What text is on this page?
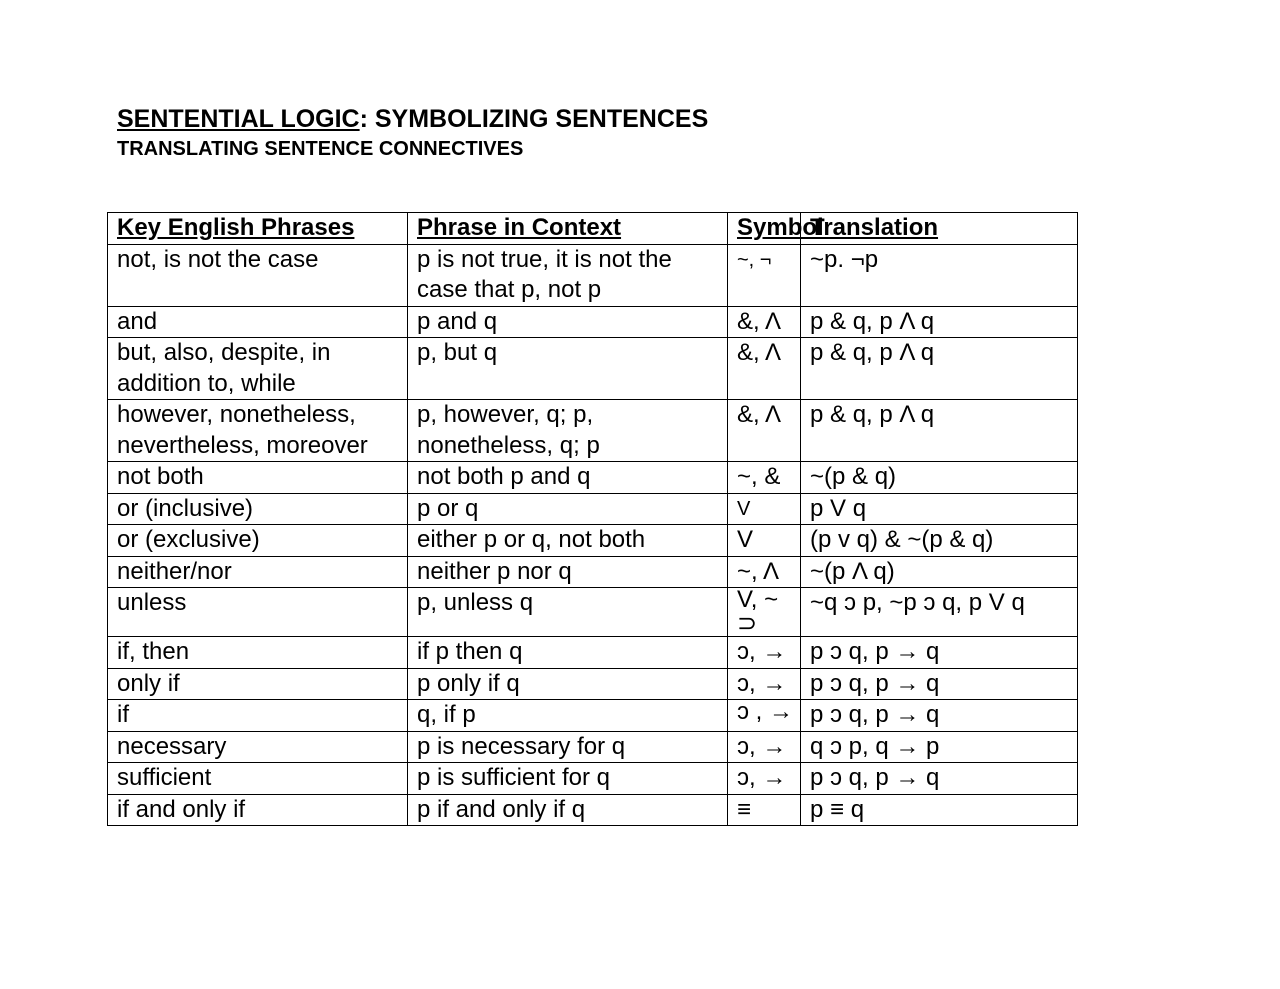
SENTENTIAL LOGIC: SYMBOLIZING SENTENCES
TRANSLATING SENTENCE CONNECTIVES
Key English Phrases	Phrase in Context	Symbol	Translation
not, is not the case	p is not true, it is not the case that p, not p	~, ¬	~p. ¬p
and	p and q	&, Λ	p & q, p Λ q
but, also, despite, in addition to, while	p, but q	&, Λ	p & q, p Λ q
however, nonetheless, nevertheless, moreover	p, however, q; p, nonetheless, q; p	&, Λ	p & q, p Λ q
not both	not both p and q	~, &	~(p & q)
or (inclusive)	p or q	V	p V q
or (exclusive)	either p or q, not both	V	(p v q) & ~(p & q)
neither/nor	neither p nor q	~, Λ	~(p Λ q)
unless	p, unless q	V, ~ ⊃	~q ͻ p, ~p ͻ q, p V q
if, then	if p then q	ͻ, →	p ͻ q, p → q
only if	p only if q	ͻ, →	p ͻ q, p → q
if	q, if p	ͻ , →	p ͻ q, p → q
necessary	p is necessary for q	ͻ, →	q ͻ p, q → p
sufficient	p is sufficient for q	ͻ, →	p ͻ q, p → q
if and only if	p if and only if q	≡	p ≡ q
